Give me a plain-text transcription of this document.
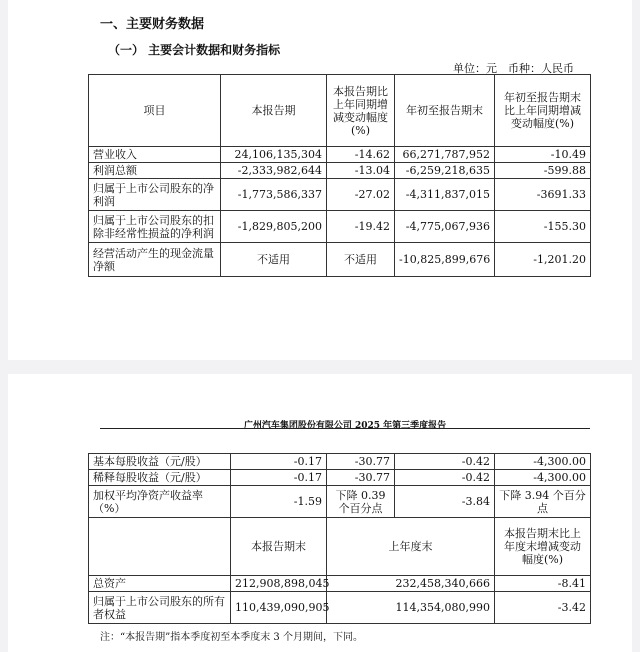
一、主要财务数据
（一） 主要会计数据和财务指标
单位：元　币种：人民币
项目	本报告期	本报告期比上年同期增减变动幅度(%)	年初至报告期末	年初至报告期末比上年同期增减变动幅度(%)
营业收入	24,106,135,304	-14.62	66,271,787,952	-10.49
利润总额	-2,333,982,644	-13.04	-6,259,218,635	-599.88
归属于上市公司股东的净利润	-1,773,586,337	-27.02	-4,311,837,015	-3691.33
归属于上市公司股东的扣除非经常性损益的净利润	-1,829,805,200	-19.42	-4,775,067,936	-155.30
经营活动产生的现金流量净额	不适用	不适用	-10,825,899,676	-1,201.20
广州汽车集团股份有限公司 2025 年第三季度报告
基本每股收益（元/股）	-0.17	-30.77	-0.42	-4,300.00
稀释每股收益（元/股）	-0.17	-30.77	-0.42	-4,300.00
加权平均净资产收益率（%）	-1.59	下降 0.39 个百分点	-3.84	下降 3.94 个百分点
	本报告期末	上年度末		本报告期末比上年度末增减变动幅度(%)
总资产	212,908,898,045	232,458,340,666		-8.41
归属于上市公司股东的所有者权益	110,439,090,905	114,354,080,990		-3.42
注：“本报告期”指本季度初至本季度末 3 个月期间，下同。
